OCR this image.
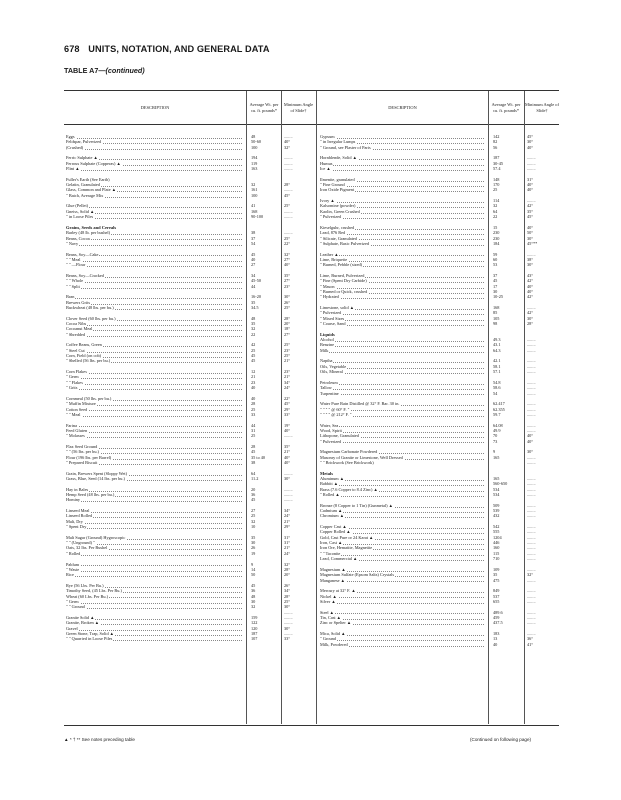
678 UNITS, NOTATION, AND GENERAL DATA
TABLE A7—(continued)
DESCRIPTION
Average Wt. per cu. ft. pounds*
Minimum Angle of Slide†
DESCRIPTION
Average Wt. per cu. ft. pounds*
Minimum Angle of Slide†
Eggs	48	........
Feldspar, Pulverized	50-60	40°
(Crushed)	100	32°
Ferric Sulphate ▲	194	........
Ferrous Sulphate (Copperas) ▲	119	........
Flint ▲	163	........
Fuller's Earth (See Earth)
Gelatin, Granulated	32	28°
Glass, Common and Plate ▲	161	........
" Batch, Average Mix	100	45°
Glue (Pellet)	41	25°
Gneiss, Solid ▲	168	........
" in Loose Piles	90-100	........
Grains, Seeds and Cereals
Barley (48 lb. per bushel)	38	........
Beans, Cocoa	37	25°
" Navy	54	22°
Beans, Soy—Cake	45	32°
" " Meal	40	27°
" " —Flour	27	40°
Beans, Soy—Cracked	34	35°
" " Whole	45-50	27°
" " Split	44	23°
Bran	16-20	30°
Brewers Grits	35	26°
Buckwheat (48 lbs. per bu.)	34.5	25°
Clover Seed (60 lbs. per bu.)	48	28°
Cocoa Nibs	35	20°
Cocoanut Meal	32	18°
" Shredded	22	27°
Coffee Beans, Green	42	25°
" Steel Cut	25	23°
Corn, Field (on cob)	45	25°
" Shelled (56 lbs. per bu.)	45	21°
Corn Flakes	12	23°
" Germ	21	21°
" " Flakes	23	34°
" Grits	40	24°
Cornmeal (50 lbs. per bu.)	40	22°
" Muffin Mixture	28	45°
Cotton Seed	25	29°
" " Meal	33	33°
Farina	44	19°
Feed Gluten	31	40°
" Molasses	25	........
Flax Seed Ground	28	35°
" " (56 lbs. per bu.)	45	21°
Flour (196 lbs. per Barrel)	35 to 40	40°
" Prepared Biscuit	38	40°
Grain, Brewers Spent (Sloppy Wet)	64	........
Grass, Blue, Seed (14 lbs. per bu.)	11.2	30°
Hay in Bales	20	........
Hemp Seed (48 lbs. per bu.)	36	........
Hominy	45	........
Linseed Meal	27	34°
Linseed Rolled	25	24°
Malt, Dry	32	21°
" Spent Dry	10	29°
Malt Sugar (Ground) Hygroscopic	35	31°
" " (Unground) "	30	31°
Oats, 32 lbs. Per Bushel	26	21°
" Rolled	19	24°
Pablum	9	32°
" Waste	14	28°
Rice	50	20°
Rye (56 Lbs. Per Bu.)	45	26°
Timothy Seed, (45 Lbs. Per Bu.)	36	34°
Wheat (60 Lbs. Per Bu.)	48	28°
" Germ	30	25°
" " Ground	32	30°
........
Granite Solid ▲	159	........
Granite, Broken ▲	122	........
Gravel	120	30°
Green Stone, Trap, Solid ▲	187	........
" " Quarried in Loose Piles	107	33°
Gypsum	142	45°
" in Irregular Lumps	82	30°
" Ground, see Plaster of Paris	56	40°
Hornblende, Solid ▲	187	........
Humus	30-45	........
Ice ▲	57.4	........
Ilmenite, granulated	148	31°
" Fine Ground	170	40°
Iron Oxide Pigment	25	40°
Ivory ▲	114	........
Kalsomine (powder)	32	42°
Kaolin, Green Crushed	64	35°
" Pulverized	22	45°
Kieselguhr, crushed	15	40°
Lead, 876 Red	230	50°
" Silicate, Granulated	230	30°
" Sulphate, Basic Pulverized	184	45°**
Leather ▲	59	........
Lime, Briquette	60	38°
" Burned, Pebble (sized)	53	30°
Lime, Burned, Pulverized	37	43°
" Fine (Spent Dry Carbide)	45	42°
" Mason	17	40°
" Burned or Quick, crushed	30	40°
" Hydrated	10-25	42°
Limestone, solid ▲	168	........
" Pulverized	85	42°
" Mixed Sizes	105	30°
" Coarse, Sand	98	28°
Liquids
Alcohol	49.3	........
Benzine	43.1	........
Milk	64.3	........
Naptha	42.1	........
Oils, Vegetable	58.1	........
Oils, Mineral	57.1	........
Petroleum	54.8	........
Tallow	58.6	........
Turpentine	54	........
Water Pure Rain Distilled @ 32° F. Bar. 30 in.	62.417	........
" " " " @ 60° F. "	62.355	........
" " " " @ 212° F. "	59.7	........
Water, Sea	64.08	........
Wood, Spirit	49.9	........
Lithopone, Granulated	70	40°
" Pulverized	73	40°
Magnesium Carbonate Powdered	9	30°
Masonry of Granite or Limestone, Well Dressed	165	........
" " Brickwork (See Brickwork)	........
Metals
Aluminum ▲	165	........
Babbitt ▲	560-650	........
Brass (7.6 Copper to 8.4 Zinc) ▲	534	........
" Rolled ▲	534	........
Bronze (8 Copper to 1 Tin) (Gunmetal) ▲	509	........
Cadmium ▲	539	........
Chromium ▲	432	........
Copper Cast ▲	542	........
Copper Rolled ▲	555	........
Gold, Cast Pure or 24 Karat ▲	1204	........
Iron, Cast ▲	446	........
Iron Ore, Hematite, Magnetite	160	........
" " Taconite	115	........
Lead, Commercial ▲	710	........
Magnesium ▲	109	........
Magnesium Sulfate (Epsom Salts) Crystals	35	32°
Manganese ▲	475	........
Mercury at 32° F. ▲	849	........
Nickel ▲	537	........
Silver ▲	655	........
Steel ▲	489.6	........
Tin, Cast ▲	459	........
Zinc or Spelter ▲	437.5	........
Mica, Solid ▲	183	........
" Ground	13	36°
Milk, Powdered	40	41°
▲ * † ** See notes preceding table	(Continued on following page)
